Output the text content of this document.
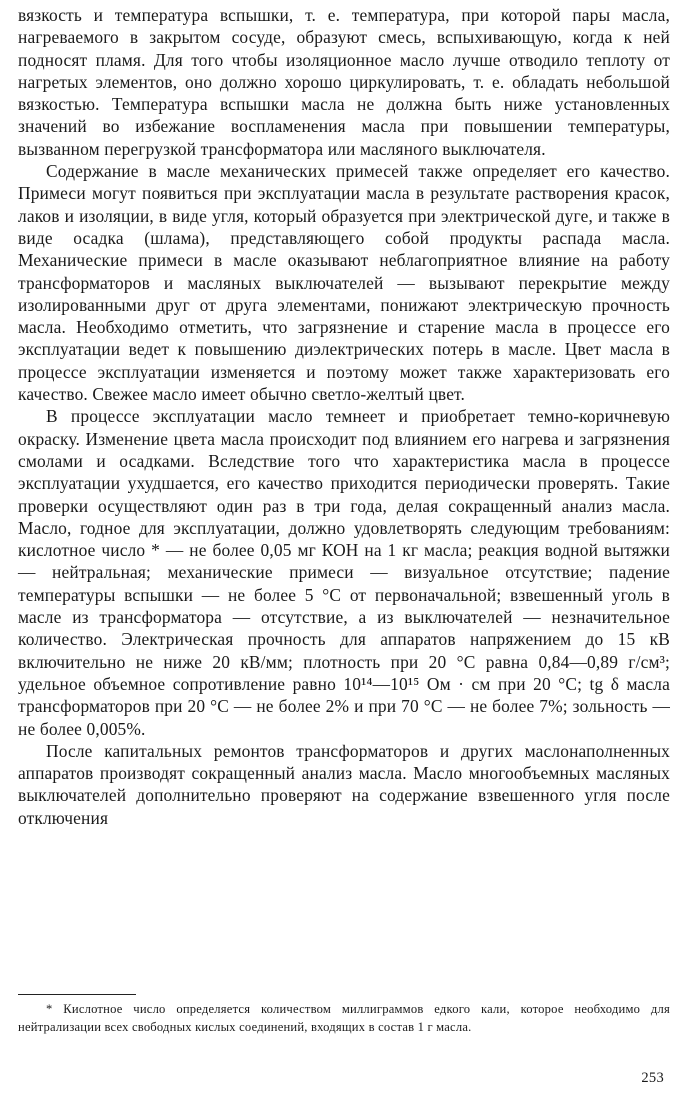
вязкость и температура вспышки, т. е. температура, при которой пары масла, нагреваемого в закрытом сосуде, образуют смесь, вспыхивающую, когда к ней подносят пламя. Для того чтобы изоляционное масло лучше отводило теплоту от нагретых элементов, оно должно хорошо циркулировать, т. е. обладать небольшой вязкостью. Температура вспышки масла не должна быть ниже установленных значений во избежание воспламенения масла при повышении температуры, вызванном перегрузкой трансформатора или масляного выключателя.

Содержание в масле механических примесей также определяет его качество. Примеси могут появиться при эксплуатации масла в результате растворения красок, лаков и изоляции, в виде угля, который образуется при электрической дуге, и также в виде осадка (шлама), представляющего собой продукты распада масла. Механические примеси в масле оказывают неблагоприятное влияние на работу трансформаторов и масляных выключателей — вызывают перекрытие между изолированными друг от друга элементами, понижают электрическую прочность масла. Необходимо отметить, что загрязнение и старение масла в процессе его эксплуатации ведет к повышению диэлектрических потерь в масле. Цвет масла в процессе эксплуатации изменяется и поэтому может также характеризовать его качество. Свежее масло имеет обычно светло-желтый цвет.

В процессе эксплуатации масло темнеет и приобретает темно-коричневую окраску. Изменение цвета масла происходит под влиянием его нагрева и загрязнения смолами и осадками. Вследствие того что характеристика масла в процессе эксплуатации ухудшается, его качество приходится периодически проверять. Такие проверки осуществляют один раз в три года, делая сокращенный анализ масла. Масло, годное для эксплуатации, должно удовлетворять следующим требованиям: кислотное число * — не более 0,05 мг КОН на 1 кг масла; реакция водной вытяжки — нейтральная; механические примеси — визуальное отсутствие; падение температуры вспышки — не более 5 °С от первоначальной; взвешенный уголь в масле из трансформатора — отсутствие, а из выключателей — незначительное количество. Электрическая прочность для аппаратов напряжением до 15 кВ включительно не ниже 20 кВ/мм; плотность при 20 °С равна 0,84—0,89 г/см³; удельное объемное сопротивление равно 10¹⁴—10¹⁵ Ом · см при 20 °С; tg δ масла трансформаторов при 20 °С — не более 2% и при 70 °С — не более 7%; зольность — не более 0,005%.

После капитальных ремонтов трансформаторов и других маслонаполненных аппаратов производят сокращенный анализ масла. Масло многообъемных масляных выключателей дополнительно проверяют на содержание взвешенного угля после отключения

* Кислотное число определяется количеством миллиграммов едкого кали, которое необходимо для нейтрализации всех свободных кислых соединений, входящих в состав 1 г масла.

253
